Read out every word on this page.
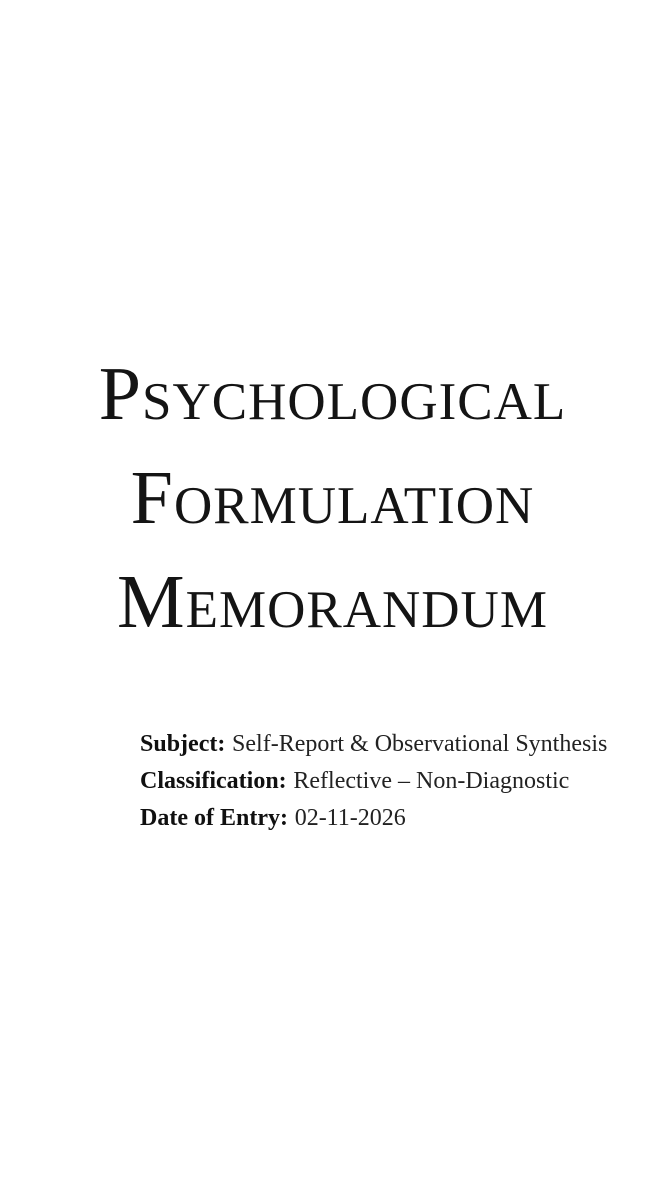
Psychological
Formulation
Memorandum

Subject: Self-Report & Observational Synthesis

Classification: Reflective – Non-Diagnostic

Date of Entry: 02-11-2026
